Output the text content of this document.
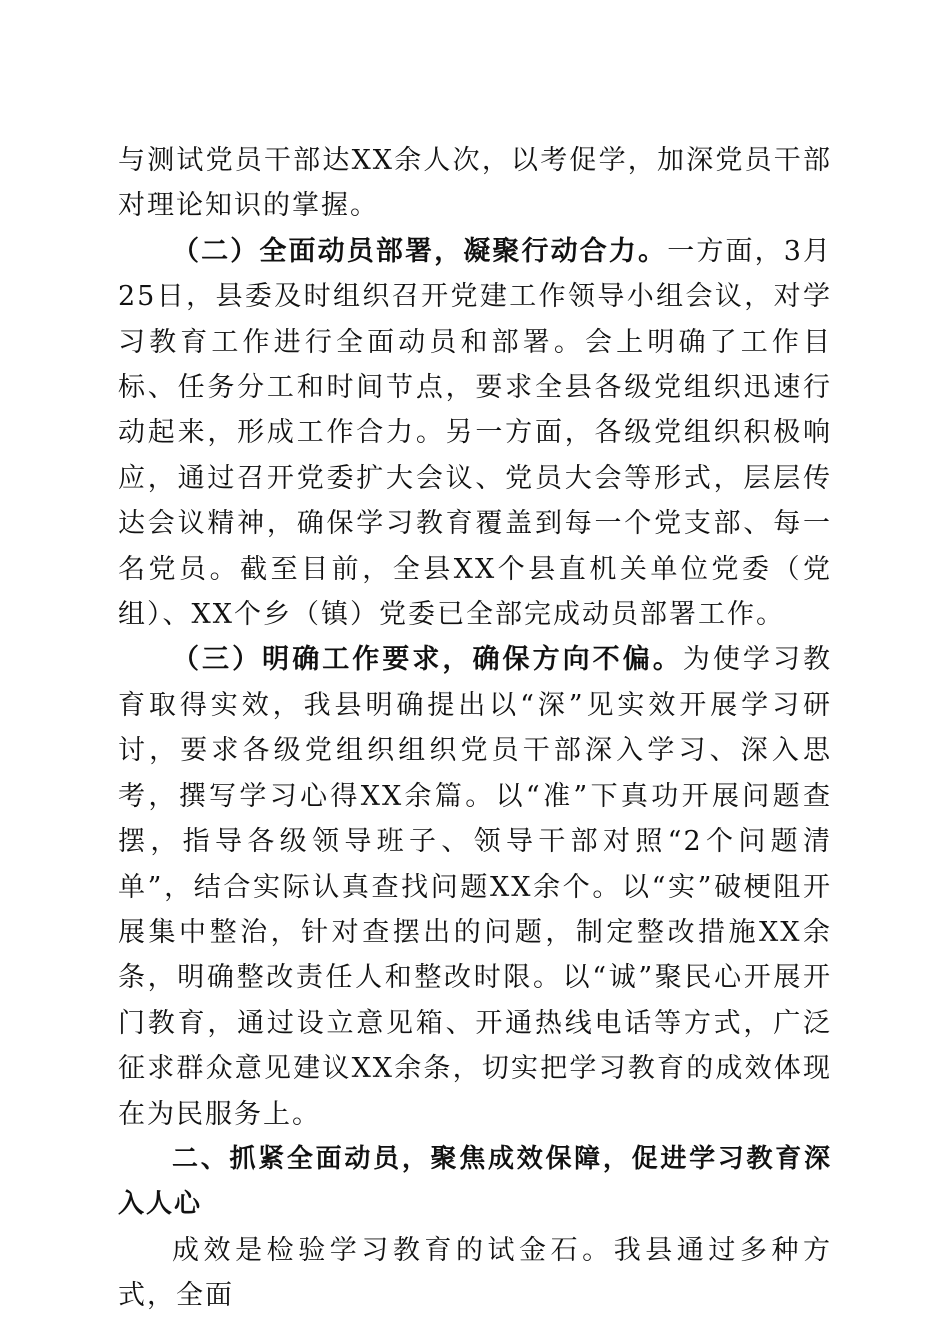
与测试党员干部达XX余人次，以考促学，加深党员干部对理论知识的掌握。

（二）全面动员部署，凝聚行动合力。一方面，3月25日，县委及时组织召开党建工作领导小组会议，对学习教育工作进行全面动员和部署。会上明确了工作目标、任务分工和时间节点，要求全县各级党组织迅速行动起来，形成工作合力。另一方面，各级党组织积极响应，通过召开党委扩大会议、党员大会等形式，层层传达会议精神，确保学习教育覆盖到每一个党支部、每一名党员。截至目前，全县XX个县直机关单位党委（党组）、XX个乡（镇）党委已全部完成动员部署工作。

（三）明确工作要求，确保方向不偏。为使学习教育取得实效，我县明确提出以“深”见实效开展学习研讨，要求各级党组织组织党员干部深入学习、深入思考，撰写学习心得XX余篇。以“准”下真功开展问题查摆，指导各级领导班子、领导干部对照“2个问题清单”，结合实际认真查找问题XX余个。以“实”破梗阻开展集中整治，针对查摆出的问题，制定整改措施XX余条，明确整改责任人和整改时限。以“诚”聚民心开展开门教育，通过设立意见箱、开通热线电话等方式，广泛征求群众意见建议XX余条，切实把学习教育的成效体现在为民服务上。

二、抓紧全面动员，聚焦成效保障，促进学习教育深入人心

成效是检验学习教育的试金石。我县通过多种方式，全面
